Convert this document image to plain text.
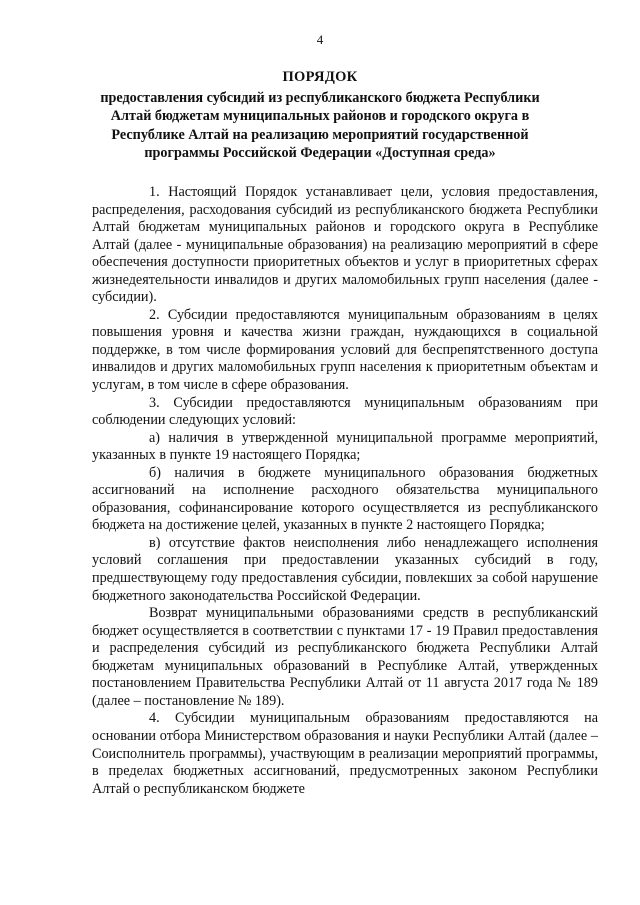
4
ПОРЯДОК
предоставления субсидий из республиканского бюджета Республики Алтай бюджетам муниципальных районов и городского округа в Республике Алтай на реализацию мероприятий государственной программы Российской Федерации «Доступная среда»

1. Настоящий Порядок устанавливает цели, условия предоставления, распределения, расходования субсидий из республиканского бюджета Республики Алтай бюджетам муниципальных районов и городского округа в Республике Алтай (далее - муниципальные образования) на реализацию мероприятий в сфере обеспечения доступности приоритетных объектов и услуг в приоритетных сферах жизнедеятельности инвалидов и других маломобильных групп населения (далее - субсидии).

2. Субсидии предоставляются муниципальным образованиям в целях повышения уровня и качества жизни граждан, нуждающихся в социальной поддержке, в том числе формирования условий для беспрепятственного доступа инвалидов и других маломобильных групп населения к приоритетным объектам и услугам, в том числе в сфере образования.

3. Субсидии предоставляются муниципальным образованиям при соблюдении следующих условий:

а) наличия в утвержденной муниципальной программе мероприятий, указанных в пункте 19 настоящего Порядка;

б) наличия в бюджете муниципального образования бюджетных ассигнований на исполнение расходного обязательства муниципального образования, софинансирование которого осуществляется из республиканского бюджета на достижение целей, указанных в пункте 2 настоящего Порядка;

в) отсутствие фактов неисполнения либо ненадлежащего исполнения условий соглашения при предоставлении указанных субсидий в году, предшествующему году предоставления субсидии, повлекших за собой нарушение бюджетного законодательства Российской Федерации.

Возврат муниципальными образованиями средств в республиканский бюджет осуществляется в соответствии с пунктами 17 - 19 Правил предоставления и распределения субсидий из республиканского бюджета Республики Алтай бюджетам муниципальных образований в Республике Алтай, утвержденных постановлением Правительства Республики Алтай от 11 августа 2017 года № 189 (далее – постановление № 189).

4. Субсидии муниципальным образованиям предоставляются на основании отбора Министерством образования и науки Республики Алтай (далее – Соисполнитель программы), участвующим в реализации мероприятий программы, в пределах бюджетных ассигнований, предусмотренных законом Республики Алтай о республиканском бюджете
